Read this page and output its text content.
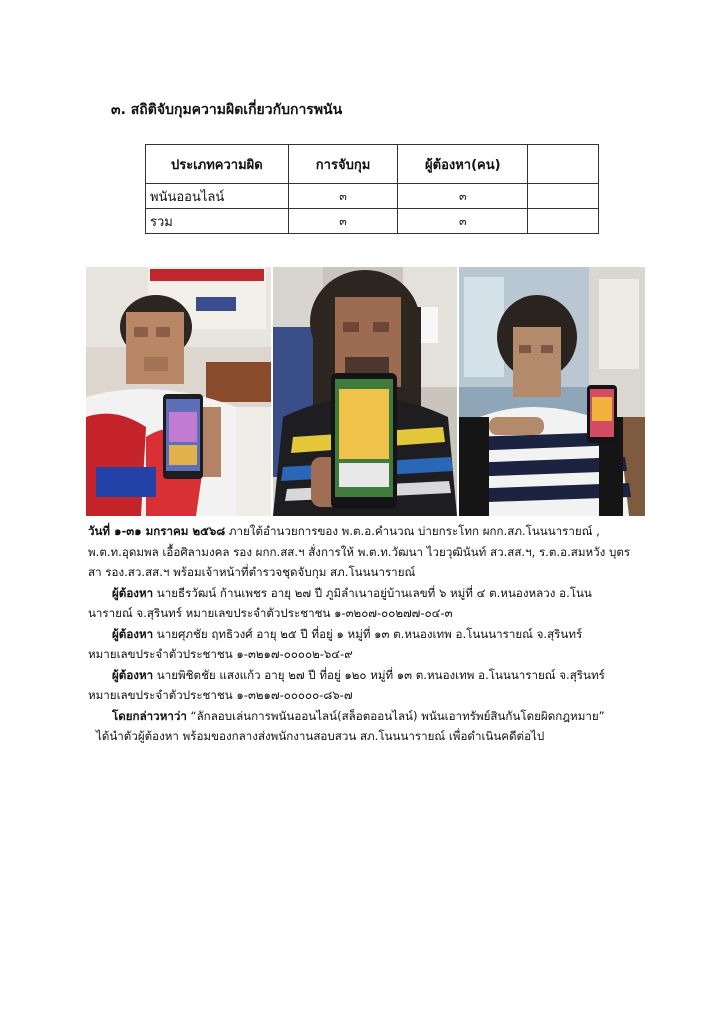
๓. สถิติจับกุมความผิดเกี่ยวกับการพนัน
ประเภทความผิด	การจับกุม	ผู้ต้องหา(คน)	
พนันออนไลน์	๓	๓	
รวม	๓	๓	

วันที่ ๑-๓๑ มกราคม ๒๕๖๘ ภายใต้อำนวยการของ พ.ต.อ.คำนวณ บ่ายกระโทก ผกก.สภ.โนนนารายณ์ ,

พ.ต.ท.อุดมพล เอื้อศิลามงคล รอง ผกก.สส.ฯ สั่งการให้ พ.ต.ท.วัฒนา ไวยวุฒินันท์ สว.สส.ฯ, ร.ต.อ.สมหวัง บุตร

สา รอง.สว.สส.ฯ พร้อมเจ้าหน้าที่ตำรวจชุดจับกุม สภ.โนนนารายณ์

ผู้ต้องหา นายธีรวัฒน์ ก้านเพชร อายุ ๒๗ ปี ภูมิลำเนาอยู่บ้านเลขที่ ๖ หมู่ที่ ๔ ต.หนองหลวง อ.โนน

นารายณ์ จ.สุรินทร์ หมายเลขประจำตัวประชาชน ๑-๓๒๐๗-๐๐๒๗๗-๐๔-๓

ผู้ต้องหา นายศุภชัย ฤทธิวงศ์ อายุ ๒๕ ปี ที่อยู่ ๑ หมู่ที่ ๑๓ ต.หนองเทพ อ.โนนนารายณ์ จ.สุรินทร์

หมายเลขประจำตัวประชาชน ๑-๓๒๑๗-๐๐๐๐๒-๖๔-๙

ผู้ต้องหา นายพิชิตชัย แสงแก้ว อายุ ๒๗ ปี ที่อยู่ ๑๒๐ หมู่ที่ ๑๓ ต.หนองเทพ อ.โนนนารายณ์ จ.สุรินทร์

หมายเลขประจำตัวประชาชน ๑-๓๒๑๗-๐๐๐๐๐-๘๖-๗

โดยกล่าวหาว่า “ลักลอบเล่นการพนันออนไลน์(สล็อตออนไลน์) พนันเอาทรัพย์สินกันโดยผิดกฎหมาย”

ได้นำตัวผู้ต้องหา พร้อมของกลางส่งพนักงานสอบสวน สภ.โนนนารายณ์ เพื่อดำเนินคดีต่อไป
